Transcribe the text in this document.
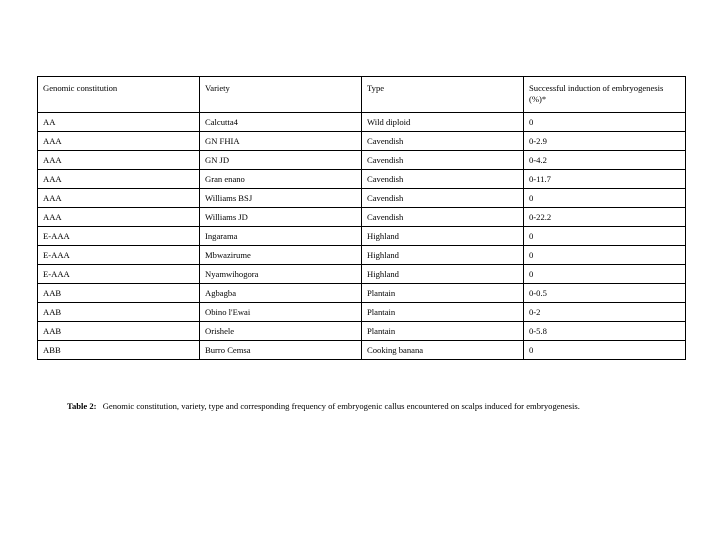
Genomic constitution	Variety	Type	Successful induction of embryogenesis (%)*
AA	Calcutta4	Wild diploid	0
AAA	GN FHIA	Cavendish	0-2.9
AAA	GN JD	Cavendish	0-4.2
AAA	Gran enano	Cavendish	0-11.7
AAA	Williams BSJ	Cavendish	0
AAA	Williams JD	Cavendish	0-22.2
E-AAA	Ingarama	Highland	0
E-AAA	Mbwazirume	Highland	0
E-AAA	Nyamwihogora	Highland	0
AAB	Agbagba	Plantain	0-0.5
AAB	Obino l'Ewai	Plantain	0-2
AAB	Orishele	Plantain	0-5.8
ABB	Burro Cemsa	Cooking banana	0
Table 2: Genomic constitution, variety, type and corresponding frequency of embryogenic callus encountered on scalps induced for embryogenesis.
